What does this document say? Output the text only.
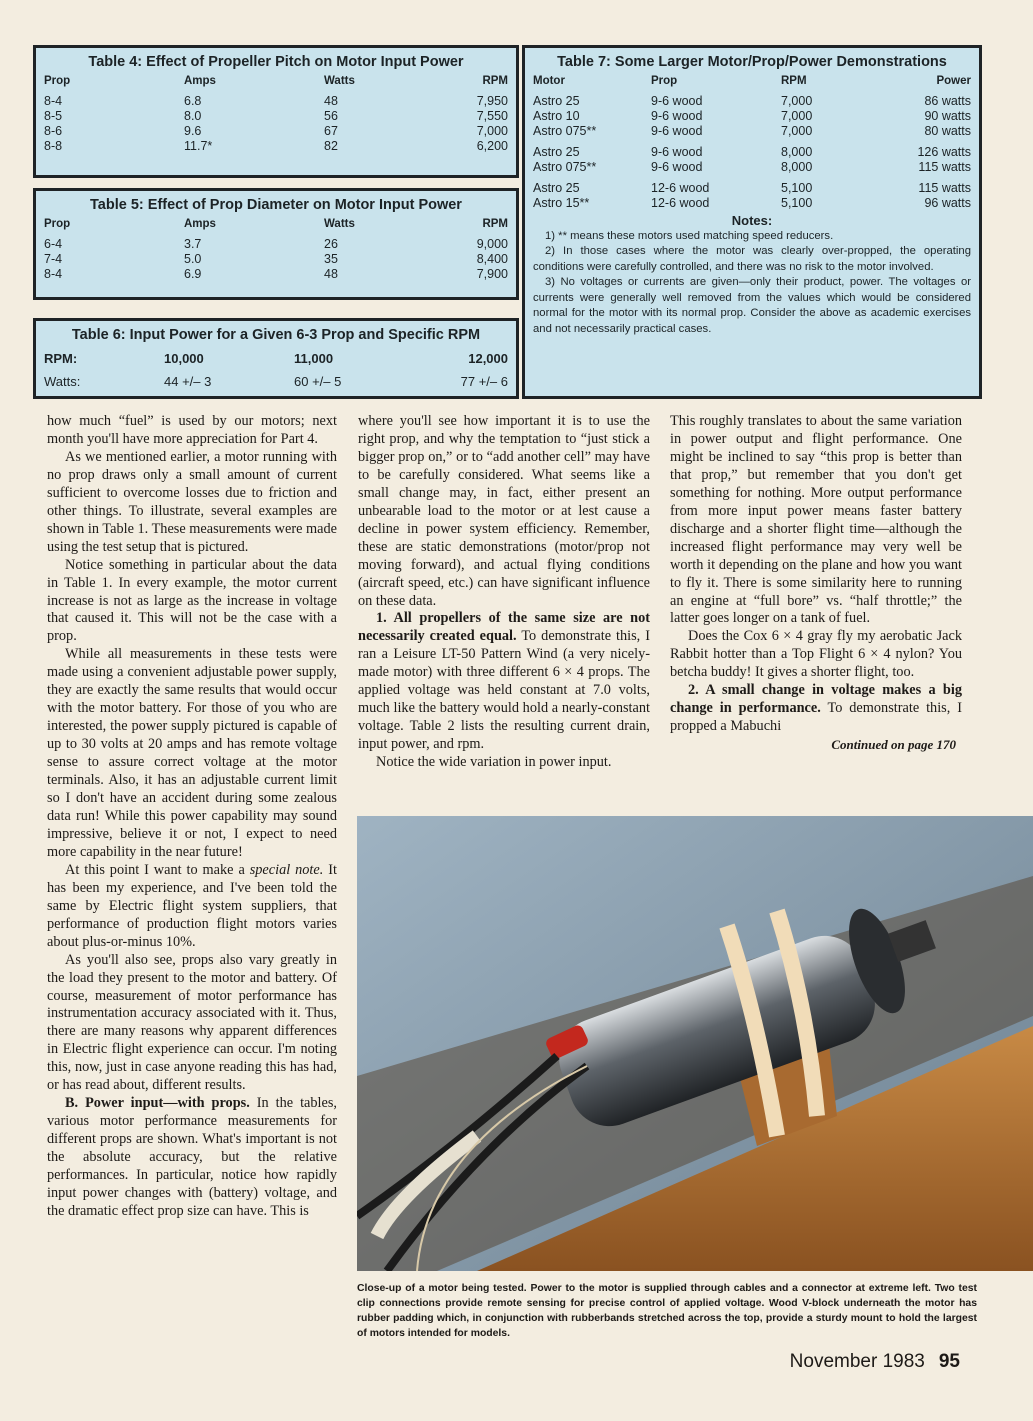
Table 4: Effect of Propeller Pitch on Motor Input Power
Prop	Amps	Watts	RPM
8-4	6.8	48	7,950
8-5	8.0	56	7,550
8-6	9.6	67	7,000
8-8	11.7*	82	6,200
Table 5: Effect of Prop Diameter on Motor Input Power
Prop	Amps	Watts	RPM
6-4	3.7	26	9,000
7-4	5.0	35	8,400
8-4	6.9	48	7,900
Table 6: Input Power for a Given 6-3 Prop and Specific RPM
RPM:	10,000	11,000	12,000
Watts:	44 +/– 3	60 +/– 5	77 +/– 6
Table 7: Some Larger Motor/Prop/Power Demonstrations
Motor	Prop	RPM	Power
Astro 25	9-6 wood	7,000	86 watts
Astro 10	9-6 wood	7,000	90 watts
Astro 075**	9-6 wood	7,000	80 watts
Astro 25	9-6 wood	8,000	126 watts
Astro 075**	9-6 wood	8,000	115 watts
Astro 25	12-6 wood	5,100	115 watts
Astro 15**	12-6 wood	5,100	96 watts
Notes:

1) ** means these motors used matching speed reducers.

2) In those cases where the motor was clearly over-propped, the operating conditions were carefully controlled, and there was no risk to the motor involved.

3) No voltages or currents are given—only their product, power. The voltages or currents were generally well removed from the values which would be considered normal for the motor with its normal prop. Consider the above as academic exercises and not necessarily practical cases.

how much “fuel” is used by our motors; next month you'll have more appreciation for Part 4.

As we mentioned earlier, a motor running with no prop draws only a small amount of current sufficient to overcome losses due to friction and other things. To illustrate, several examples are shown in Table 1. These measurements were made using the test setup that is pictured.

Notice something in particular about the data in Table 1. In every example, the motor current increase is not as large as the increase in voltage that caused it. This will not be the case with a prop.

While all measurements in these tests were made using a convenient adjustable power supply, they are exactly the same results that would occur with the motor battery. For those of you who are interested, the power supply pictured is capable of up to 30 volts at 20 amps and has remote voltage sense to assure correct voltage at the motor terminals. Also, it has an adjustable current limit so I don't have an accident during some zealous data run! While this power capability may sound impressive, believe it or not, I expect to need more capability in the near future!

At this point I want to make a special note. It has been my experience, and I've been told the same by Electric flight system suppliers, that performance of production flight motors varies about plus-or-minus 10%.

As you'll also see, props also vary greatly in the load they present to the motor and battery. Of course, measurement of motor performance has instrumentation accuracy associated with it. Thus, there are many reasons why apparent differences in Electric flight experience can occur. I'm noting this, now, just in case anyone reading this has had, or has read about, different results.

B. Power input—with props. In the tables, various motor performance measurements for different props are shown. What's important is not the absolute accuracy, but the relative performances. In particular, notice how rapidly input power changes with (battery) voltage, and the dramatic effect prop size can have. This is

where you'll see how important it is to use the right prop, and why the temptation to “just stick a bigger prop on,” or to “add another cell” may have to be carefully considered. What seems like a small change may, in fact, either present an unbearable load to the motor or at lest cause a decline in power system efficiency. Remember, these are static demonstrations (motor/prop not moving forward), and actual flying conditions (aircraft speed, etc.) can have significant influence on these data.

1. All propellers of the same size are not necessarily created equal. To demonstrate this, I ran a Leisure LT-50 Pattern Wind (a very nicely-made motor) with three different 6 × 4 props. The applied voltage was held constant at 7.0 volts, much like the battery would hold a nearly-constant voltage. Table 2 lists the resulting current drain, input power, and rpm.

Notice the wide variation in power input.

This roughly translates to about the same variation in power output and flight performance. One might be inclined to say “this prop is better than that prop,” but remember that you don't get something for nothing. More output performance from more input power means faster battery discharge and a shorter flight time—although the increased flight performance may very well be worth it depending on the plane and how you want to fly it. There is some similarity here to running an engine at “full bore” vs. “half throttle;” the latter goes longer on a tank of fuel.

Does the Cox 6 × 4 gray fly my aerobatic Jack Rabbit hotter than a Top Flight 6 × 4 nylon? You betcha buddy! It gives a shorter flight, too.

2. A small change in voltage makes a big change in performance. To demonstrate this, I propped a Mabuchi

Continued on page 170
Close-up of a motor being tested. Power to the motor is supplied through cables and a connector at extreme left. Two test clip connections provide remote sensing for precise control of applied voltage. Wood V-block underneath the motor has rubber padding which, in conjunction with rubberbands stretched across the top, provide a sturdy mount to hold the largest of motors intended for models.
November 1983 95
